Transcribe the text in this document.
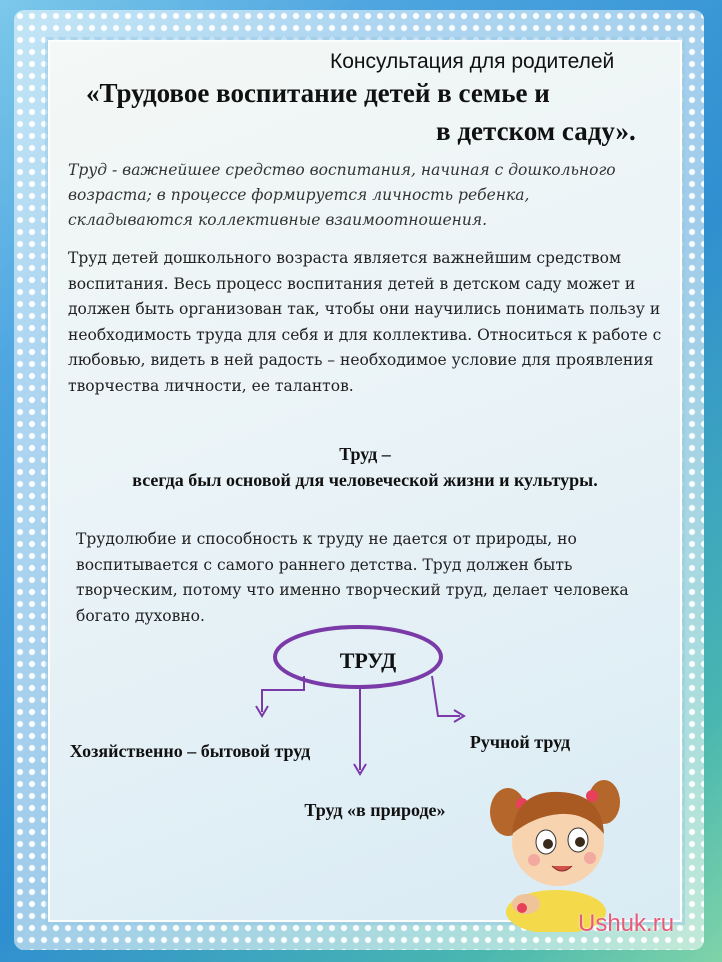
Консультация для родителей
«Трудовое воспитание детей в семье и
в детском саду».
Труд - важнейшее средство воспитания, начиная с дошкольного возраста; в процессе формируется личность ребенка, складываются коллективные взаимоотношения.
Труд детей дошкольного возраста является важнейшим средством воспитания. Весь процесс воспитания детей в детском саду может и должен быть организован так, чтобы они научились понимать пользу и необходимость труда для себя и для коллектива. Относиться к работе с любовью, видеть в ней радость – необходимое условие для проявления творчества личности, ее талантов.
Труд –
всегда был основой для человеческой жизни и культуры.
Трудолюбие и способность к труду не дается от природы, но воспитывается с самого раннего детства. Труд должен быть творческим, потому что именно творческий труд, делает человека богато духовно.
ТРУД
Хозяйственно – бытовой труд	Ручной труд
Труд «в природе»
Ushuk.ru
